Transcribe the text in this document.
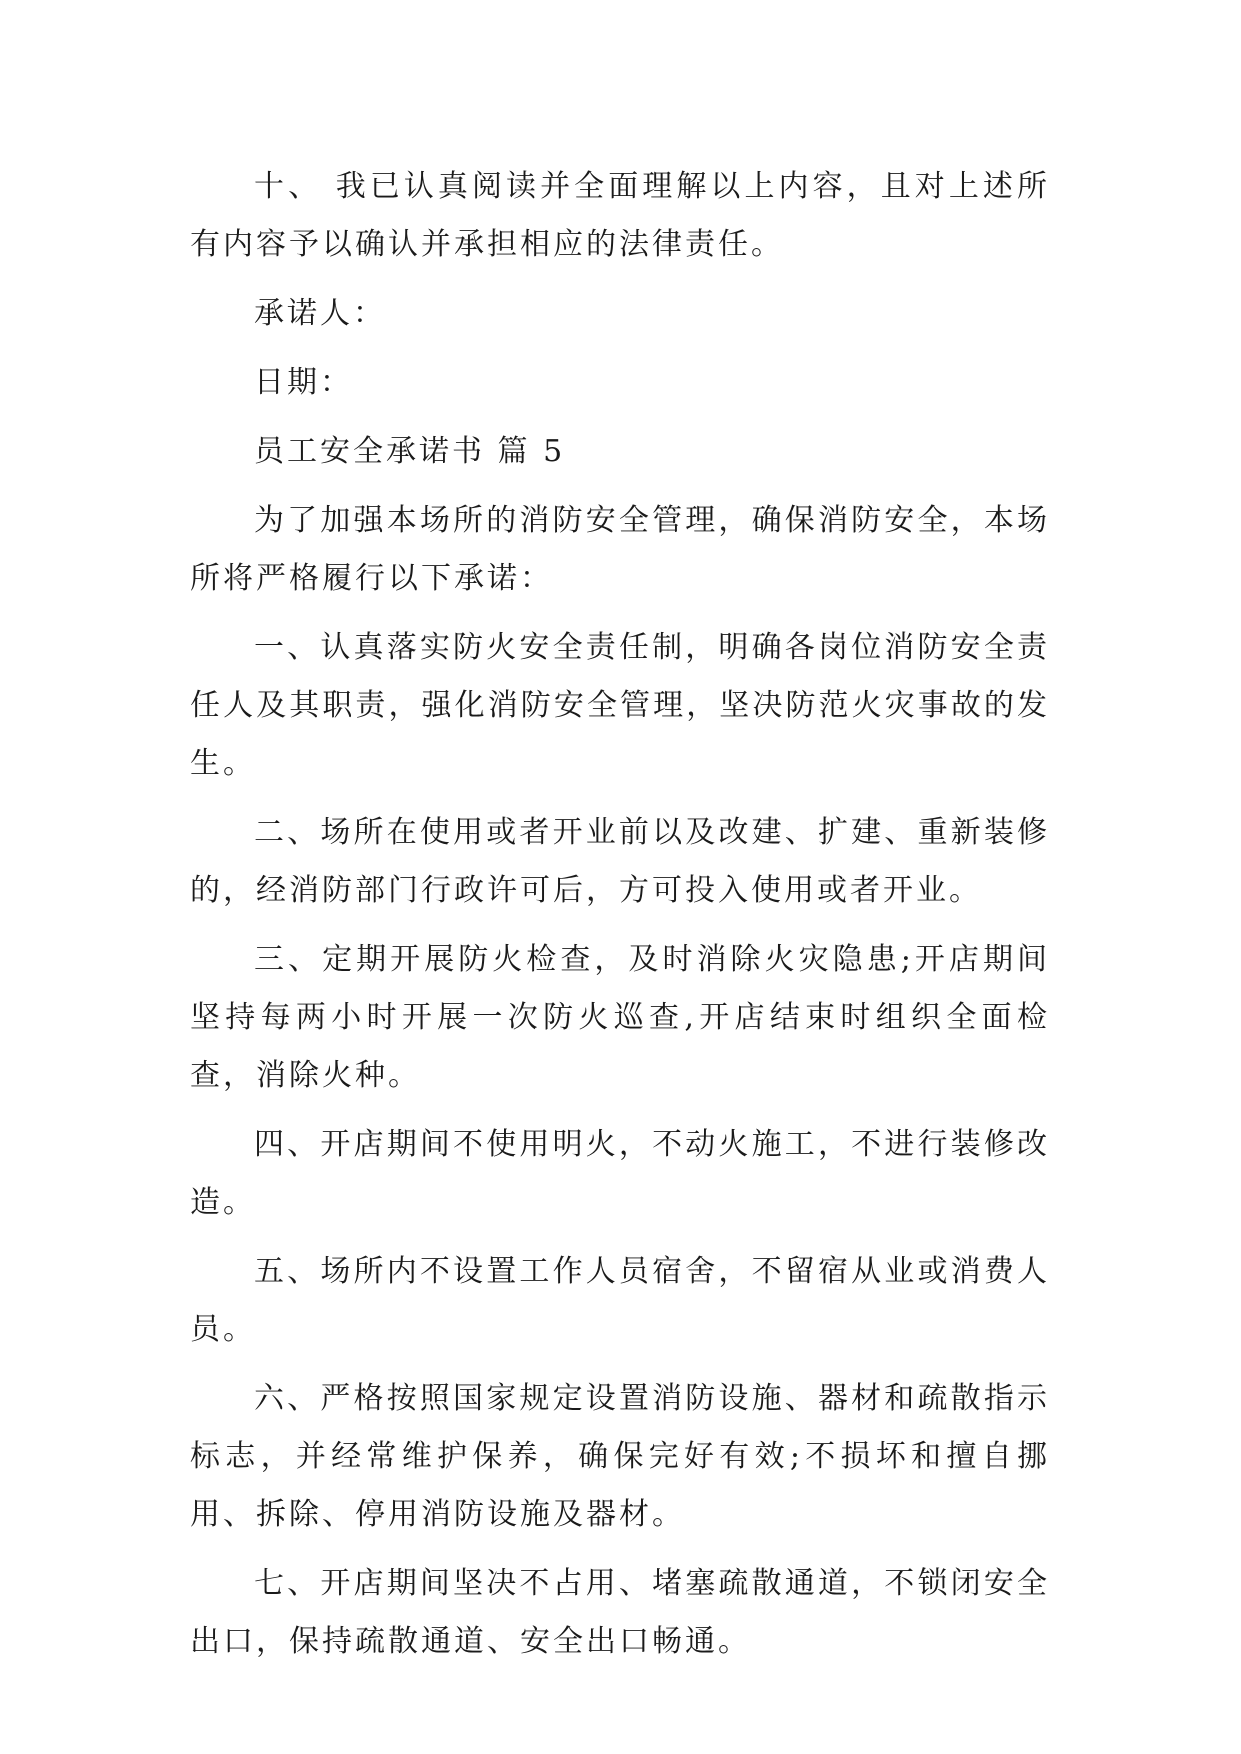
十、 我已认真阅读并全面理解以上内容，且对上述所有内容予以确认并承担相应的法律责任。

承诺人：

日期：

员工安全承诺书 篇 5

为了加强本场所的消防安全管理，确保消防安全，本场所将严格履行以下承诺：

一、认真落实防火安全责任制，明确各岗位消防安全责任人及其职责，强化消防安全管理，坚决防范火灾事故的发生。

二、场所在使用或者开业前以及改建、扩建、重新装修的，经消防部门行政许可后，方可投入使用或者开业。

三、定期开展防火检查，及时消除火灾隐患;开店期间坚持每两小时开展一次防火巡查,开店结束时组织全面检查，消除火种。

四、开店期间不使用明火，不动火施工，不进行装修改造。

五、场所内不设置工作人员宿舍，不留宿从业或消费人员。

六、严格按照国家规定设置消防设施、器材和疏散指示标志，并经常维护保养，确保完好有效;不损坏和擅自挪用、拆除、停用消防设施及器材。

七、开店期间坚决不占用、堵塞疏散通道，不锁闭安全出口，保持疏散通道、安全出口畅通。
